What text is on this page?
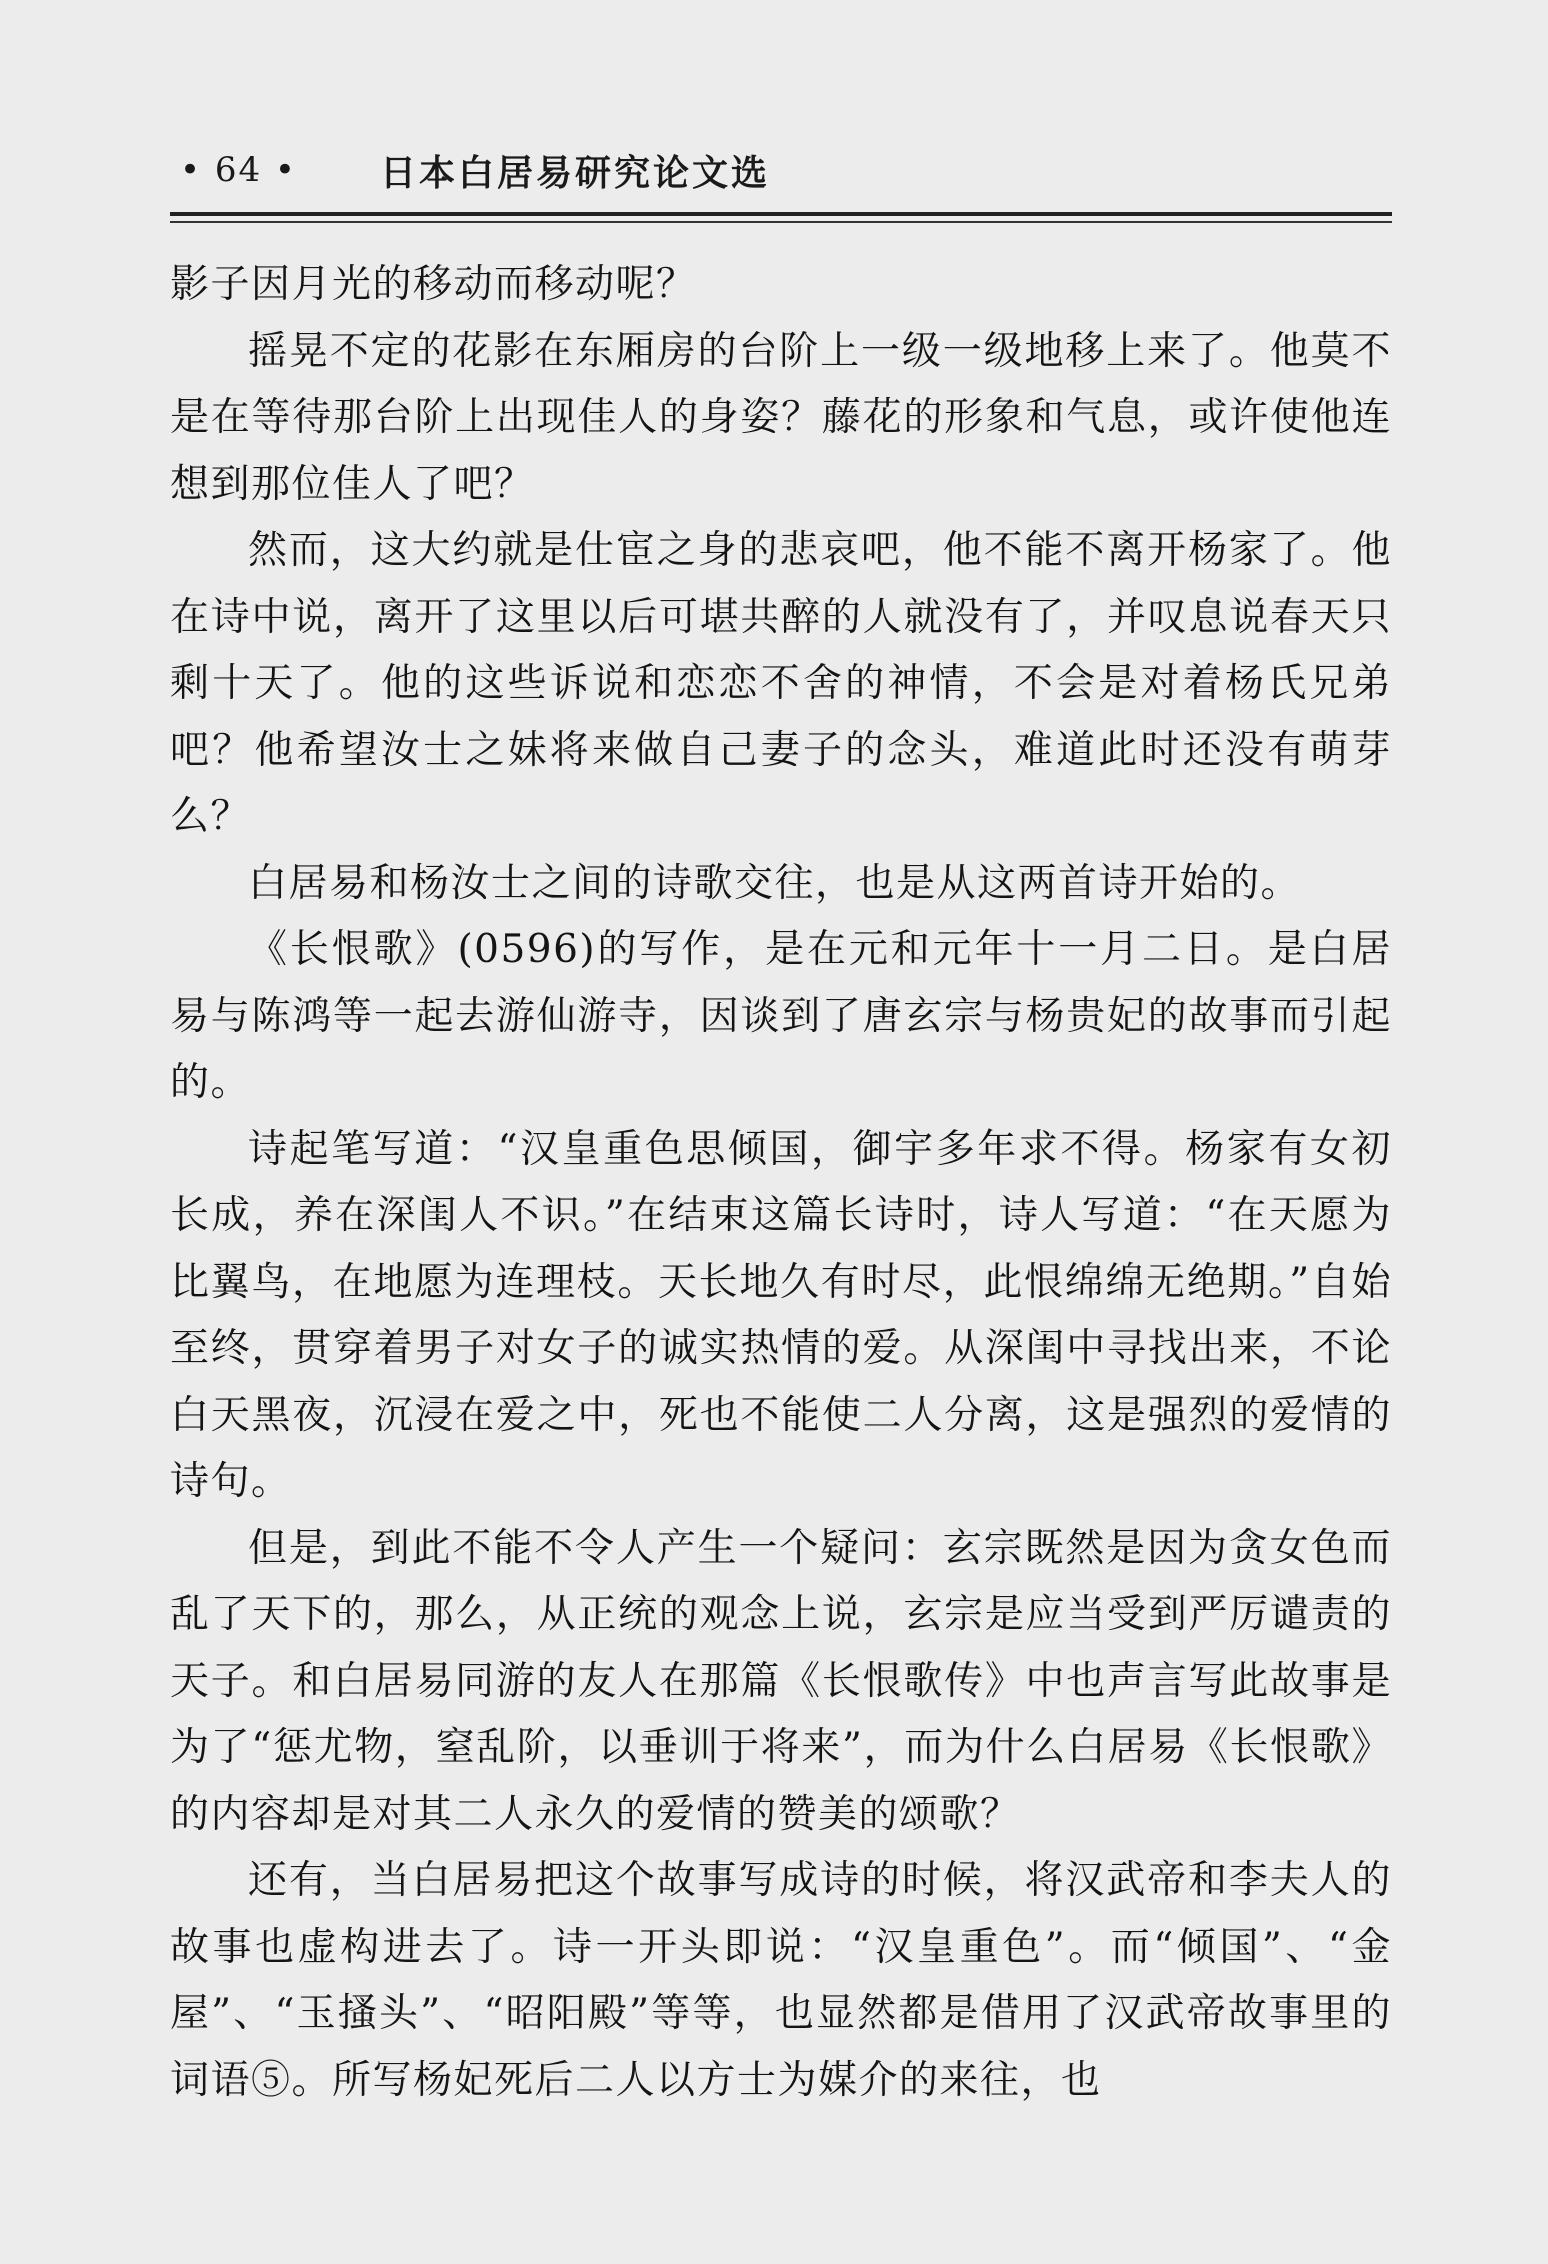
• 64 •	日本白居易研究论文选

影子因月光的移动而移动呢？

摇晃不定的花影在东厢房的台阶上一级一级地移上来了。他莫不是在等待那台阶上出现佳人的身姿？藤花的形象和气息，或许使他连想到那位佳人了吧？

然而，这大约就是仕宦之身的悲哀吧，他不能不离开杨家了。他在诗中说，离开了这里以后可堪共醉的人就没有了，并叹息说春天只剩十天了。他的这些诉说和恋恋不舍的神情，不会是对着杨氏兄弟吧？他希望汝士之妹将来做自己妻子的念头，难道此时还没有萌芽么？

白居易和杨汝士之间的诗歌交往，也是从这两首诗开始的。

《长恨歌》(0596)的写作，是在元和元年十一月二日。是白居易与陈鸿等一起去游仙游寺，因谈到了唐玄宗与杨贵妃的故事而引起的。

诗起笔写道：“汉皇重色思倾国，御宇多年求不得。杨家有女初长成，养在深闺人不识。”在结束这篇长诗时，诗人写道：“在天愿为比翼鸟，在地愿为连理枝。天长地久有时尽，此恨绵绵无绝期。”自始至终，贯穿着男子对女子的诚实热情的爱。从深闺中寻找出来，不论白天黑夜，沉浸在爱之中，死也不能使二人分离，这是强烈的爱情的诗句。

但是，到此不能不令人产生一个疑问：玄宗既然是因为贪女色而乱了天下的，那么，从正统的观念上说，玄宗是应当受到严厉谴责的天子。和白居易同游的友人在那篇《长恨歌传》中也声言写此故事是为了“惩尤物，窒乱阶，以垂训于将来”，而为什么白居易《长恨歌》的内容却是对其二人永久的爱情的赞美的颂歌？

还有，当白居易把这个故事写成诗的时候，将汉武帝和李夫人的故事也虚构进去了。诗一开头即说：“汉皇重色”。而“倾国”、“金屋”、“玉搔头”、“昭阳殿”等等，也显然都是借用了汉武帝故事里的词语⑤。所写杨妃死后二人以方士为媒介的来往，也
